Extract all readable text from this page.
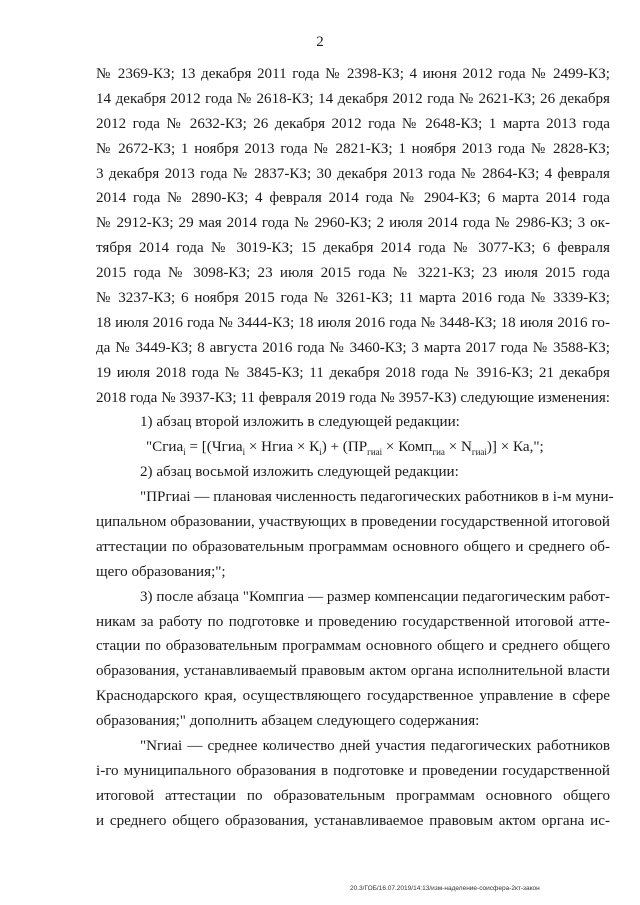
2
№ 2369-КЗ; 13 декабря 2011 года № 2398-КЗ; 4 июня 2012 года № 2499-КЗ;
14 декабря 2012 года № 2618-КЗ; 14 декабря 2012 года № 2621-КЗ; 26 декабря
2012 года № 2632-КЗ; 26 декабря 2012 года № 2648-КЗ; 1 марта 2013 года
№ 2672-КЗ; 1 ноября 2013 года № 2821-КЗ; 1 ноября 2013 года № 2828-КЗ;
3 декабря 2013 года № 2837-КЗ; 30 декабря 2013 года № 2864-КЗ; 4 февраля
2014 года № 2890-КЗ; 4 февраля 2014 года № 2904-КЗ; 6 марта 2014 года
№ 2912-КЗ; 29 мая 2014 года № 2960-КЗ; 2 июля 2014 года № 2986-КЗ; 3 ок-
тября 2014 года № 3019-КЗ; 15 декабря 2014 года № 3077-КЗ; 6 февраля
2015 года № 3098-КЗ; 23 июля 2015 года № 3221-КЗ; 23 июля 2015 года
№ 3237-КЗ; 6 ноября 2015 года № 3261-КЗ; 11 марта 2016 года № 3339-КЗ;
18 июля 2016 года № 3444-КЗ; 18 июля 2016 года № 3448-КЗ; 18 июля 2016 го-
да № 3449-КЗ; 8 августа 2016 года № 3460-КЗ; 3 марта 2017 года № 3588-КЗ;
19 июля 2018 года № 3845-КЗ; 11 декабря 2018 года № 3916-КЗ; 21 декабря
2018 года № 3937-КЗ; 11 февраля 2019 года № 3957-КЗ) следующие изменения:
1) абзац второй изложить в следующей редакции:
"Сгиа$_i$ = [(Чгиа$_i$ × Нгиа × $К_i) + (ПР_{гиаi}$ × Комп$_{гиа}$ × $N_{гиаi}$)] × Ка,";
2) абзац восьмой изложить следующей редакции:
"ПРгиаi — плановая численность педагогических работников в i-м муни-
ципальном образовании, участвующих в проведении государственной итоговой
аттестации по образовательным программам основного общего и среднего об-
щего образования;";
3) после абзаца "Компгиа — размер компенсации педагогическим работ-
никам за работу по подготовке и проведению государственной итоговой атте-
стации по образовательным программам основного общего и среднего общего
образования, устанавливаемый правовым актом органа исполнительной власти
Краснодарского края, осуществляющего государственное управление в сфере
образования;" дополнить абзацем следующего содержания:
"Nгиаi — среднее количество дней участия педагогических работников
i-го муниципального образования в подготовке и проведении государственной
итоговой аттестации по образовательным программам основного общего
и среднего общего образования, устанавливаемое правовым актом органа ис-
20.3/ГОБ/16.07.2019/14:13/изм-наделение-соисфера-2кт-закон
